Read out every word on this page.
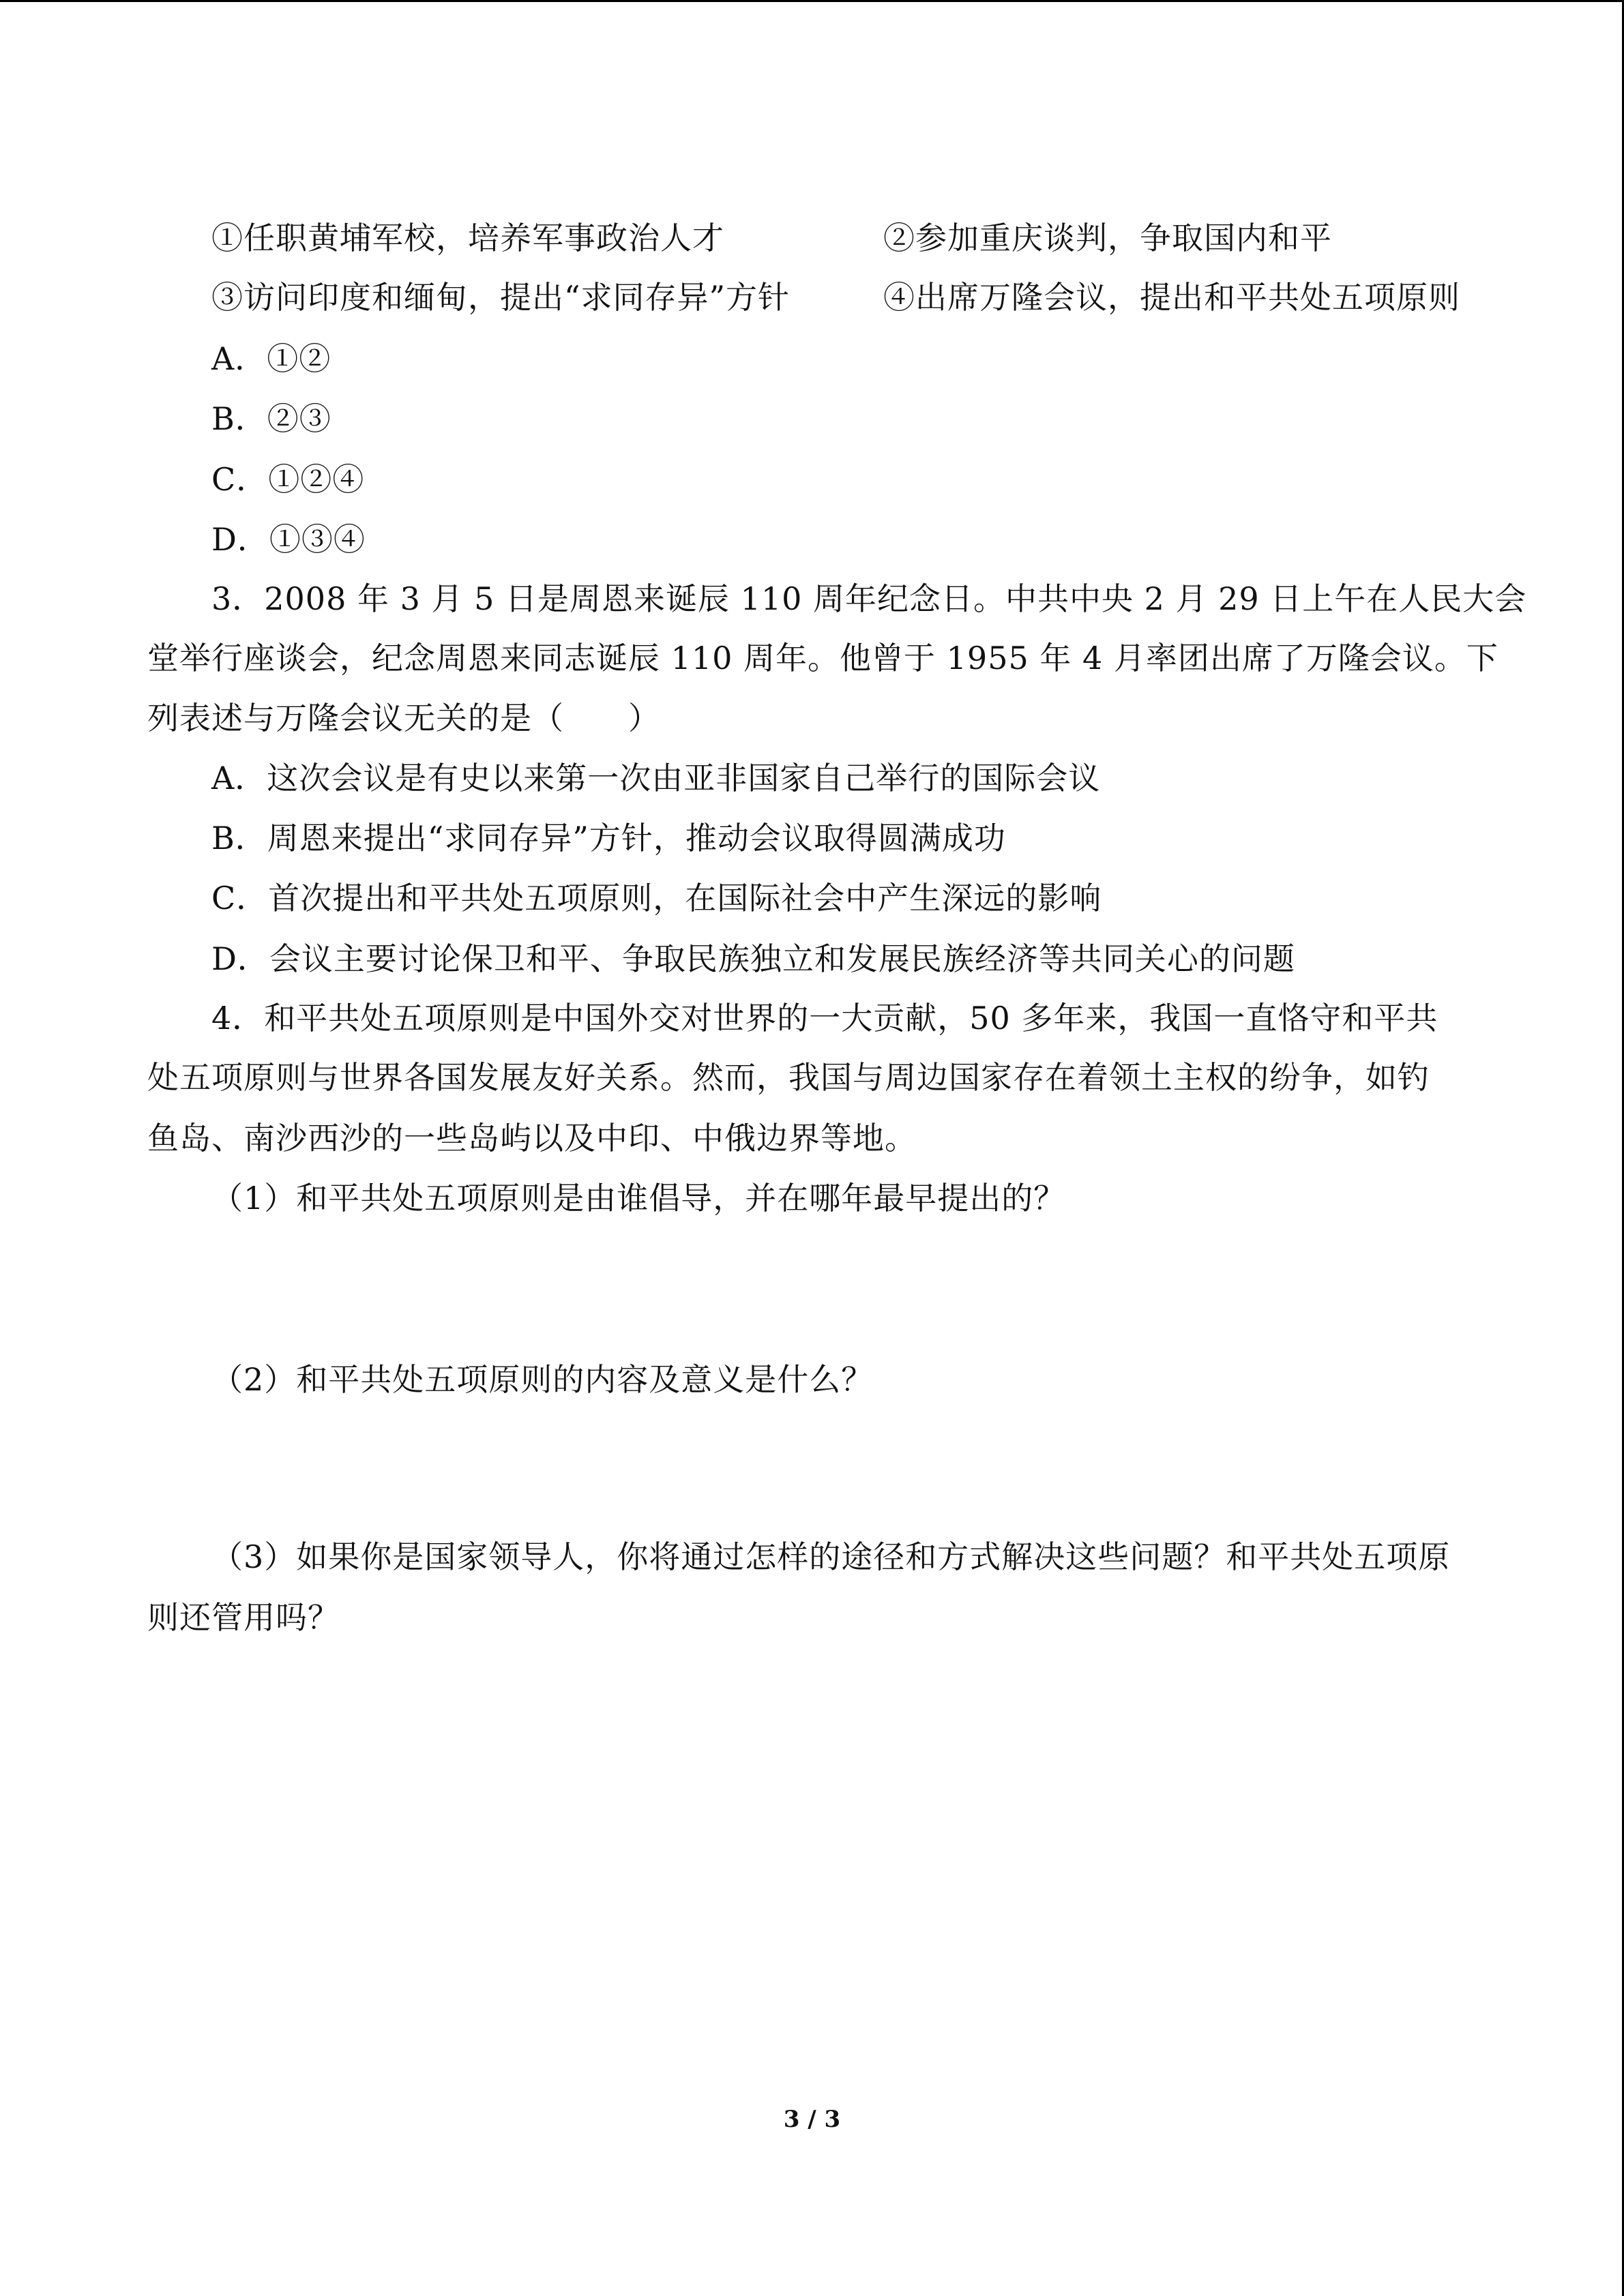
①任职黄埔军校，培养军事政治人才	②参加重庆谈判，争取国内和平
③访问印度和缅甸，提出“求同存异”方针	④出席万隆会议，提出和平共处五项原则
A．①②
B．②③
C．①②④
D．①③④
3．2008 年 3 月 5 日是周恩来诞辰 110 周年纪念日。中共中央 2 月 29 日上午在人民大会
堂举行座谈会，纪念周恩来同志诞辰 110 周年。他曾于 1955 年 4 月率团出席了万隆会议。下
列表述与万隆会议无关的是（　　）
A．这次会议是有史以来第一次由亚非国家自己举行的国际会议
B．周恩来提出“求同存异”方针，推动会议取得圆满成功
C．首次提出和平共处五项原则，在国际社会中产生深远的影响
D．会议主要讨论保卫和平、争取民族独立和发展民族经济等共同关心的问题
4．和平共处五项原则是中国外交对世界的一大贡献，50 多年来，我国一直恪守和平共
处五项原则与世界各国发展友好关系。然而，我国与周边国家存在着领土主权的纷争，如钓
鱼岛、南沙西沙的一些岛屿以及中印、中俄边界等地。
（1）和平共处五项原则是由谁倡导，并在哪年最早提出的？
（2）和平共处五项原则的内容及意义是什么？
（3）如果你是国家领导人，你将通过怎样的途径和方式解决这些问题？和平共处五项原
则还管用吗？
3 / 3
